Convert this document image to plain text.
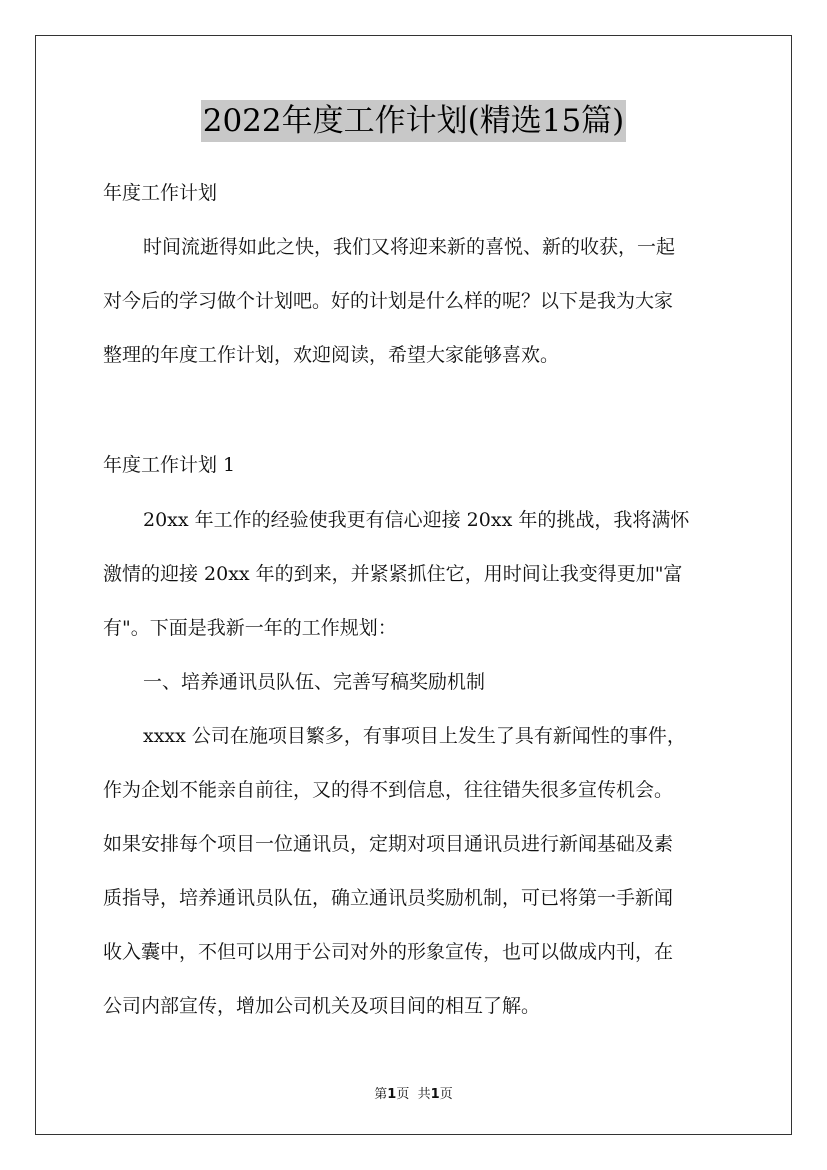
2022年度工作计划(精选15篇)
年度工作计划
时间流逝得如此之快，我们又将迎来新的喜悦、新的收获，一起
对今后的学习做个计划吧。好的计划是什么样的呢？以下是我为大家
整理的年度工作计划，欢迎阅读，希望大家能够喜欢。
年度工作计划 1
20xx 年工作的经验使我更有信心迎接 20xx 年的挑战，我将满怀
激情的迎接 20xx 年的到来，并紧紧抓住它，用时间让我变得更加"富
有"。下面是我新一年的工作规划：
一、培养通讯员队伍、完善写稿奖励机制
xxxx 公司在施项目繁多，有事项目上发生了具有新闻性的事件，
作为企划不能亲自前往，又的得不到信息，往往错失很多宣传机会。
如果安排每个项目一位通讯员，定期对项目通讯员进行新闻基础及素
质指导，培养通讯员队伍，确立通讯员奖励机制，可已将第一手新闻
收入囊中，不但可以用于公司对外的形象宣传，也可以做成内刊，在
公司内部宣传，增加公司机关及项目间的相互了解。
第1页 共1页
